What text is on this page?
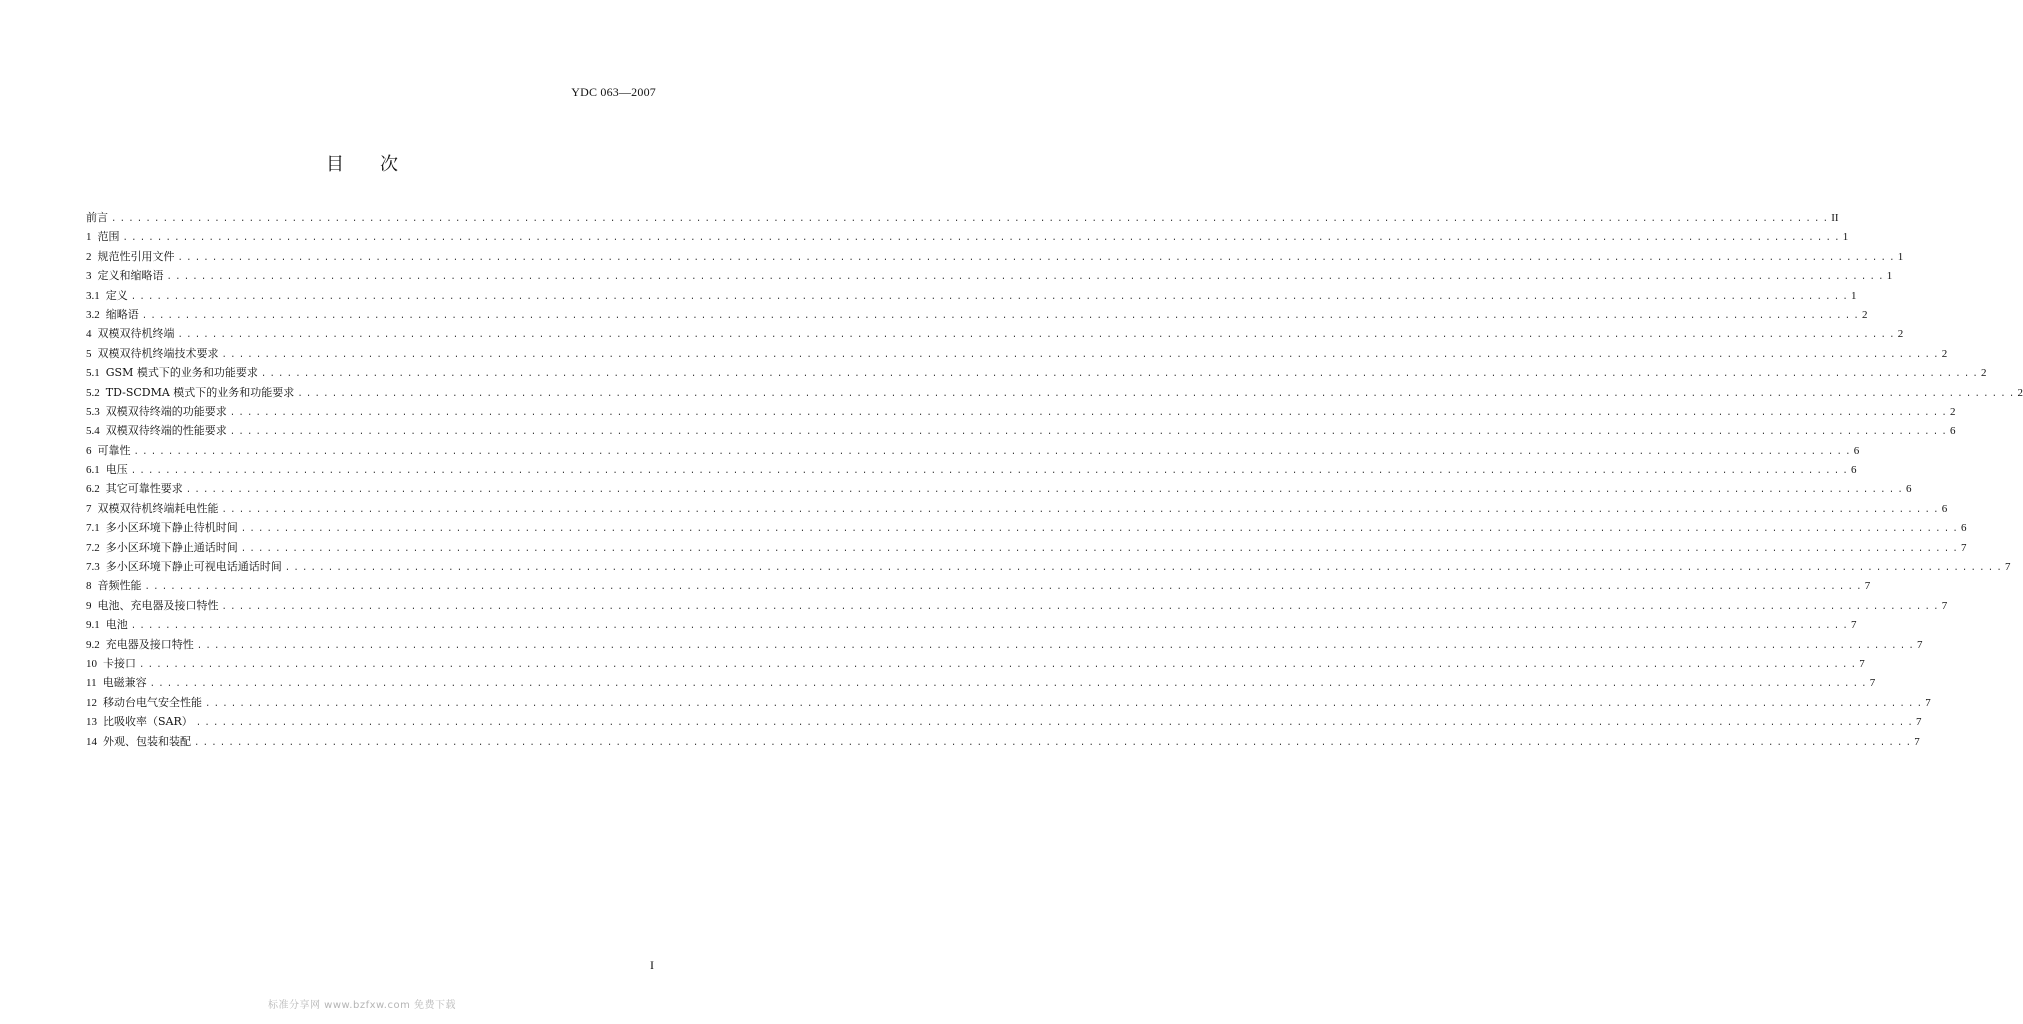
YDC 063—2007
目 次
前言 ........................................................................................................................................................................................................ II
1 范围 ........................................................................................................................................................................................................ 1
2 规范性引用文件 ........................................................................................................................................................................................................ 1
3 定义和缩略语 ........................................................................................................................................................................................................ 1
3.1 定义 ........................................................................................................................................................................................................ 1
3.2 缩略语 ........................................................................................................................................................................................................ 2
4 双模双待机终端 ........................................................................................................................................................................................................ 2
5 双模双待机终端技术要求 ........................................................................................................................................................................................................ 2
5.1 GSM 模式下的业务和功能要求 ........................................................................................................................................................................................................ 2
5.2 TD-SCDMA 模式下的业务和功能要求 ........................................................................................................................................................................................................ 2
5.3 双模双待终端的功能要求 ........................................................................................................................................................................................................ 2
5.4 双模双待终端的性能要求 ........................................................................................................................................................................................................ 6
6 可靠性 ........................................................................................................................................................................................................ 6
6.1 电压 ........................................................................................................................................................................................................ 6
6.2 其它可靠性要求 ........................................................................................................................................................................................................ 6
7 双模双待机终端耗电性能 ........................................................................................................................................................................................................ 6
7.1 多小区环境下静止待机时间 ........................................................................................................................................................................................................ 6
7.2 多小区环境下静止通话时间 ........................................................................................................................................................................................................ 7
7.3 多小区环境下静止可视电话通话时间 ........................................................................................................................................................................................................ 7
8 音频性能 ........................................................................................................................................................................................................ 7
9 电池、充电器及接口特性 ........................................................................................................................................................................................................ 7
9.1 电池 ........................................................................................................................................................................................................ 7
9.2 充电器及接口特性 ........................................................................................................................................................................................................ 7
10 卡接口 ........................................................................................................................................................................................................ 7
11 电磁兼容 ........................................................................................................................................................................................................ 7
12 移动台电气安全性能 ........................................................................................................................................................................................................ 7
13 比吸收率（SAR） ........................................................................................................................................................................................................ 7
14 外观、包装和装配 ........................................................................................................................................................................................................ 7
I
标准分享网 www.bzfxw.com 免费下载
